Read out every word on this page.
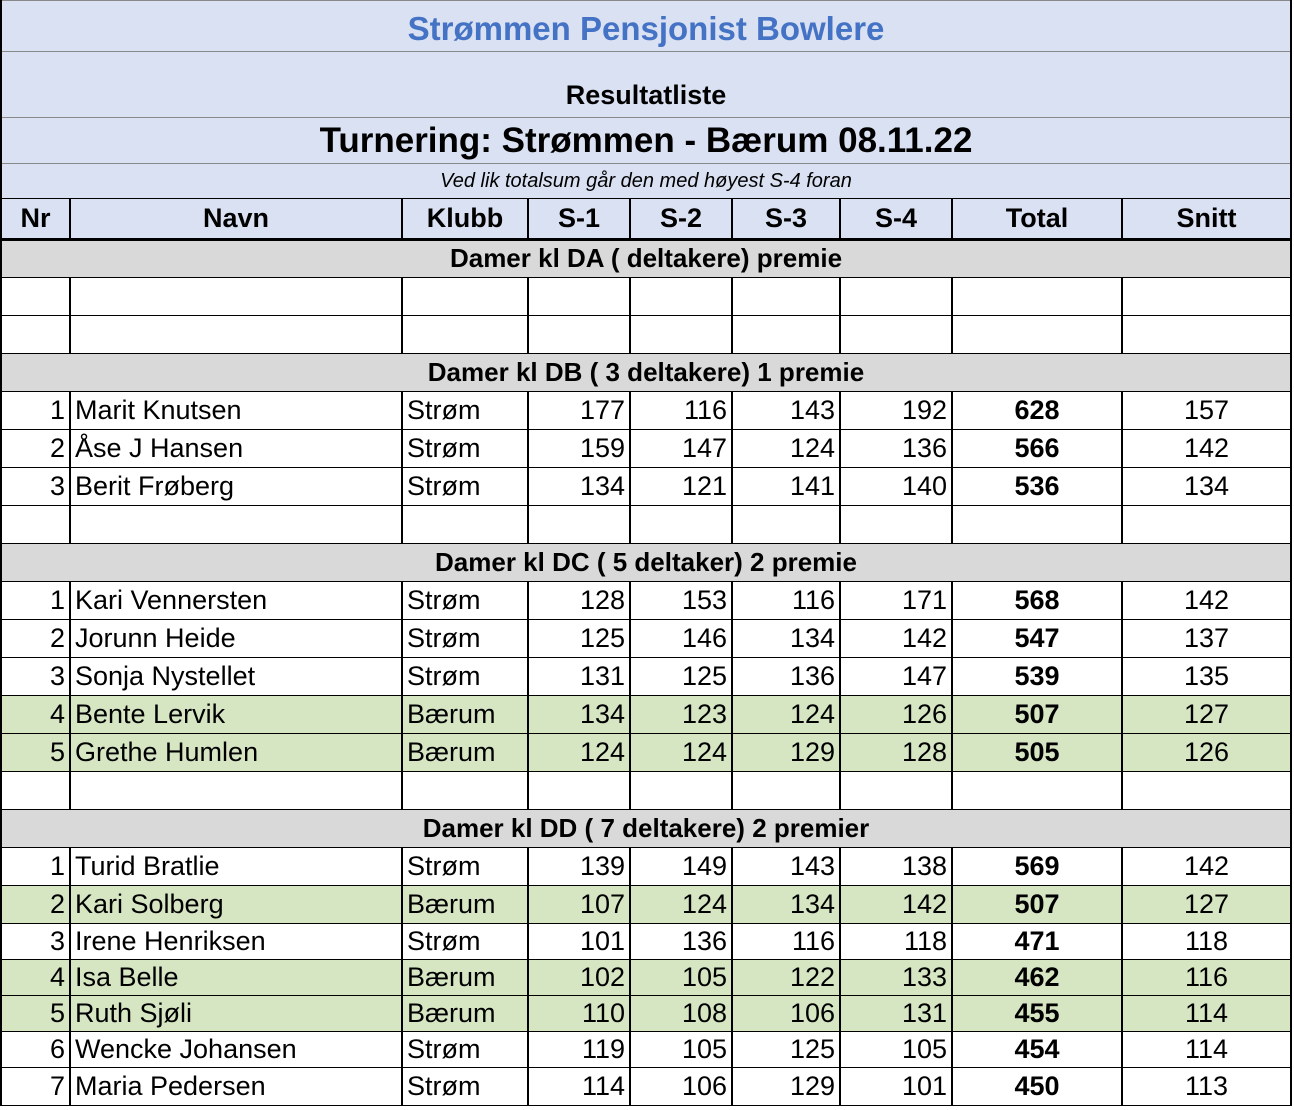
Strømmen Pensjonist Bowlere
Resultatliste
Turnering: Strømmen - Bærum 08.11.22
Ved lik totalsum går den med høyest S-4 foran
Nr	Navn	Klubb	S-1	S-2	S-3	S-4	Total	Snitt
Damer kl DA ( deltakere) premie								

Damer kl DB ( 3 deltakere) 1 premie								
1	Marit Knutsen	Strøm	177	116	143	192	628	157
2	Åse J Hansen	Strøm	159	147	124	136	566	142
3	Berit Frøberg	Strøm	134	121	141	140	536	134

Damer kl DC ( 5 deltaker) 2 premie								
1	Kari Vennersten	Strøm	128	153	116	171	568	142
2	Jorunn Heide	Strøm	125	146	134	142	547	137
3	Sonja Nystellet	Strøm	131	125	136	147	539	135
4	Bente Lervik	Bærum	134	123	124	126	507	127
5	Grethe Humlen	Bærum	124	124	129	128	505	126

Damer kl DD ( 7 deltakere) 2 premier								
1	Turid Bratlie	Strøm	139	149	143	138	569	142
2	Kari Solberg	Bærum	107	124	134	142	507	127
3	Irene Henriksen	Strøm	101	136	116	118	471	118
4	Isa Belle	Bærum	102	105	122	133	462	116
5	Ruth Sjøli	Bærum	110	108	106	131	455	114
6	Wencke Johansen	Strøm	119	105	125	105	454	114
7	Maria Pedersen	Strøm	114	106	129	101	450	113
